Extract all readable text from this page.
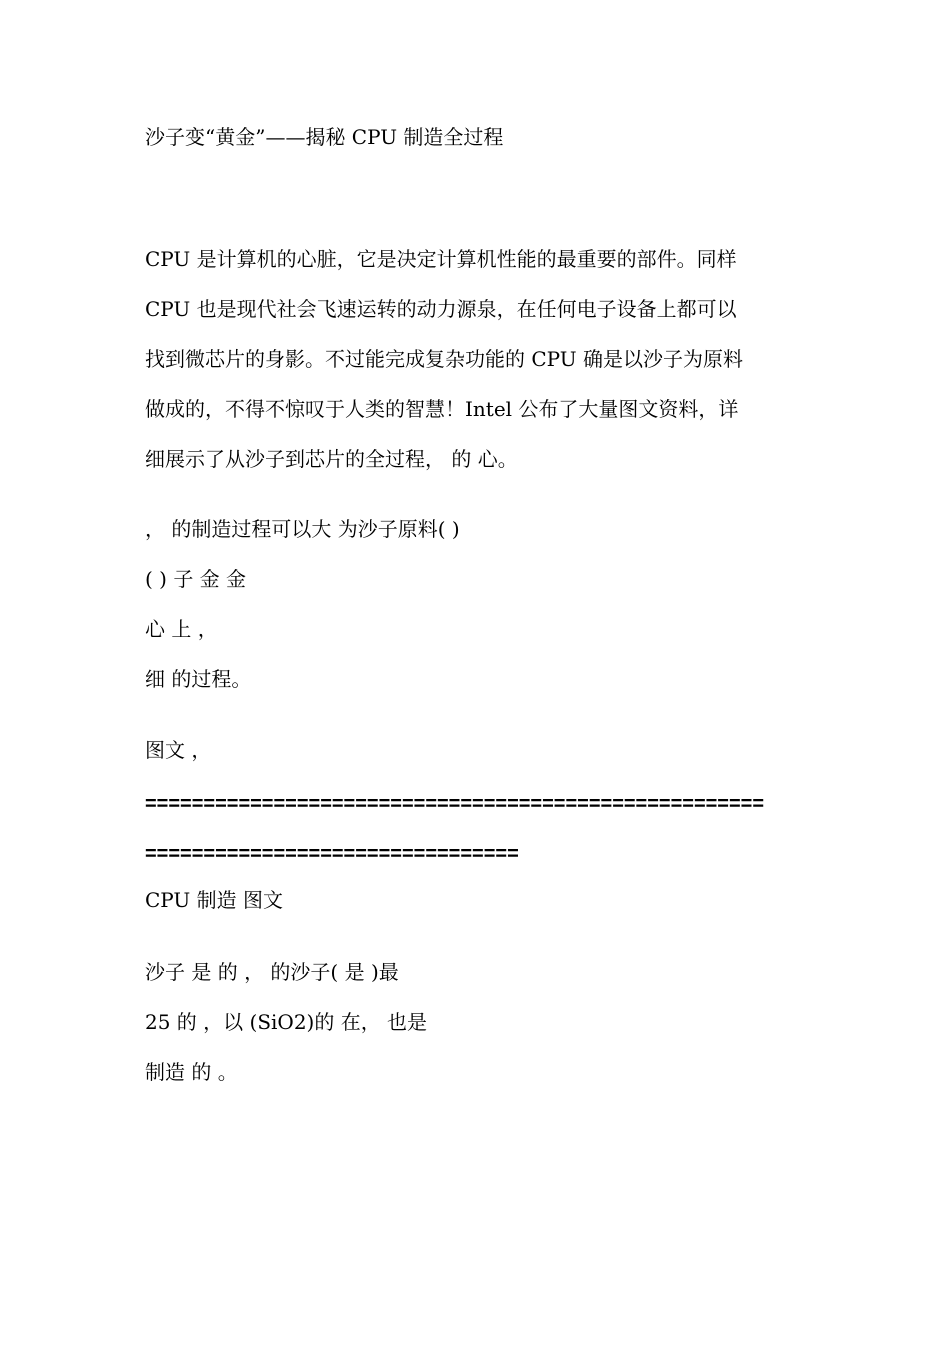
沙子变“黄金”——揭秘 CPU 制造全过程
CPU 是计算机的心脏，它是决定计算机性能的最重要的部件。同样
CPU 也是现代社会飞速运转的动力源泉，在任何电子设备上都可以
找到微芯片的身影。不过能完成复杂功能的 CPU 确是以沙子为原料
做成的，不得不惊叹于人类的智慧！Intel 公布了大量图文资料，详
细展示了从沙子到芯片的全过程， 的 心。
， 的制造过程可以大 为沙子原料( )
( ) 子 金 金
心 上 ，
细 的过程。
图文 ，
=====================================================
================================
CPU 制造 图文
沙子 是 的 ， 的沙子( 是 )最
25 的 ，以 (SiO2)的 在， 也是
制造 的 。
